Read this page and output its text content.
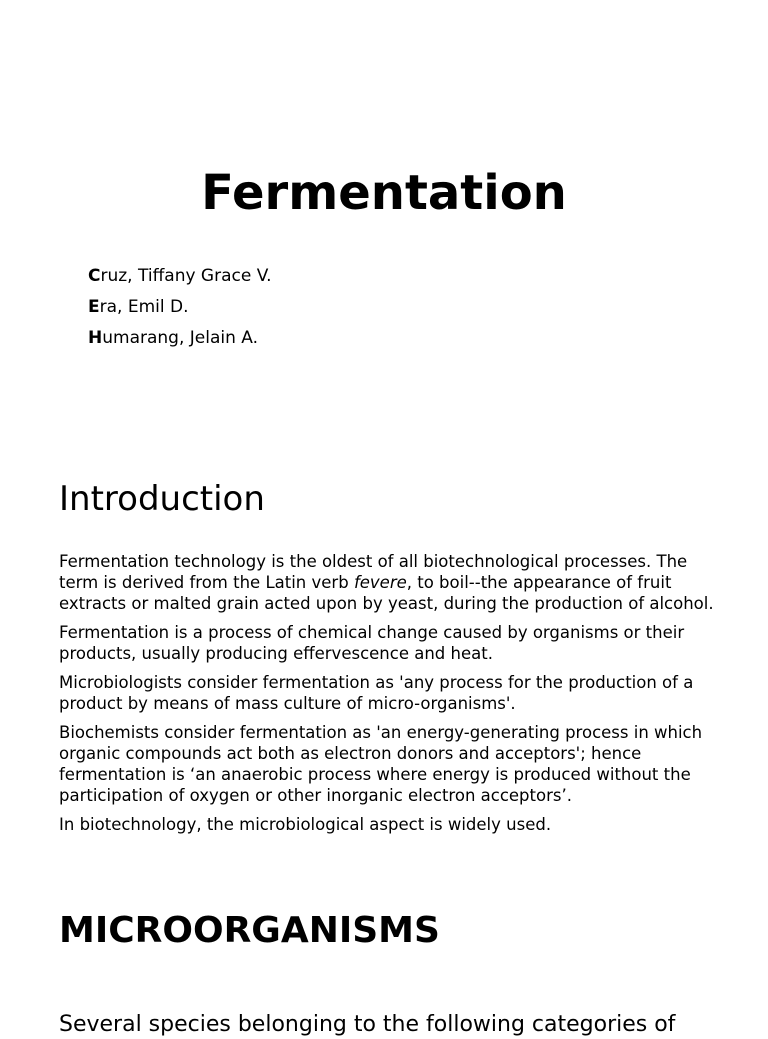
Fermentation
Cruz, Tiffany Grace V.
Era, Emil D.
Humarang, Jelain A.
Introduction

Fermentation technology is the oldest of all biotechnological processes. The term is derived from the Latin verb fevere, to boil--the appearance of fruit extracts or malted grain acted upon by yeast, during the production of alcohol.

Fermentation is a process of chemical change caused by organisms or their products, usually producing effervescence and heat.

Microbiologists consider fermentation as 'any process for the production of a product by means of mass culture of micro-organisms'.

Biochemists consider fermentation as 'an energy-generating process in which organic compounds act both as electron donors and acceptors'; hence fermentation is ‘an anaerobic process where energy is produced without the participation of oxygen or other inorganic electron acceptors’.

In biotechnology, the microbiological aspect is widely used.

MICROORGANISMS

Several species belonging to the following categories of
